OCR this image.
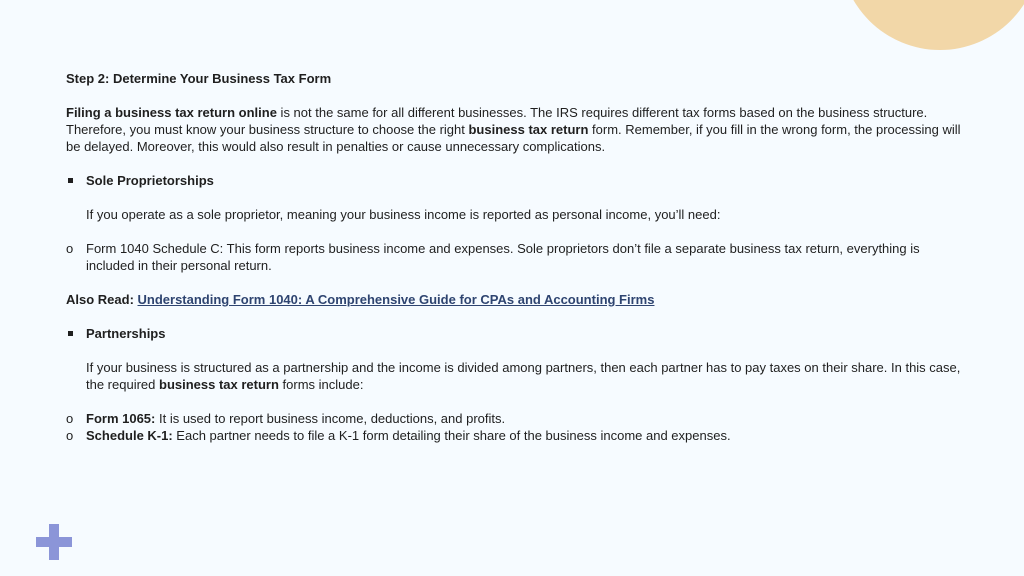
Step 2: Determine Your Business Tax Form

Filing a business tax return online is not the same for all different businesses. The IRS requires different tax forms based on the business structure. Therefore, you must know your business structure to choose the right business tax return form. Remember, if you fill in the wrong form, the processing will be delayed. Moreover, this would also result in penalties or cause unnecessary complications.

Sole Proprietorships

If you operate as a sole proprietor, meaning your business income is reported as personal income, you’ll need:

o Form 1040 Schedule C: This form reports business income and expenses. Sole proprietors don’t file a separate business tax return, everything is included in their personal return.

Also Read: Understanding Form 1040: A Comprehensive Guide for CPAs and Accounting Firms

Partnerships

If your business is structured as a partnership and the income is divided among partners, then each partner has to pay taxes on their share. In this case, the required business tax return forms include:

o Form 1065: It is used to report business income, deductions, and profits.
o Schedule K-1: Each partner needs to file a K-1 form detailing their share of the business income and expenses.
